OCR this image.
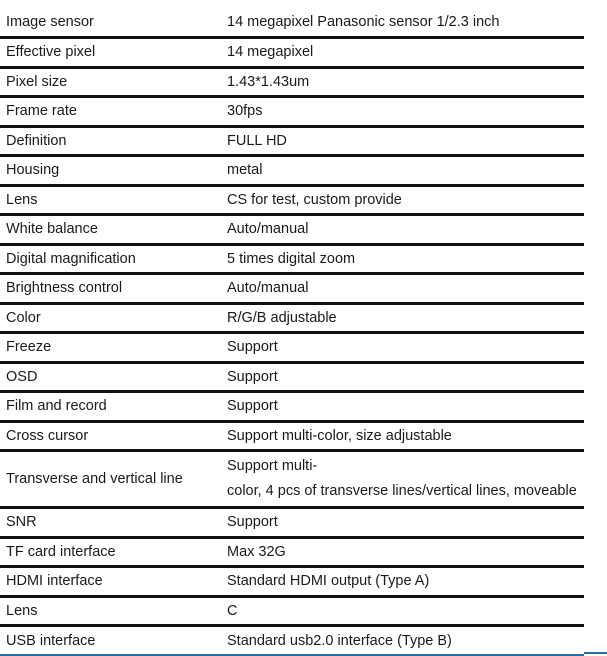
Image sensor	14 megapixel Panasonic sensor 1/2.3 inch
Effective pixel	14 megapixel
Pixel size	1.43*1.43um
Frame rate	30fps
Definition	FULL HD
Housing	metal
Lens	CS for test, custom provide
White balance	Auto/manual
Digital magnification	5 times digital zoom
Brightness control	Auto/manual
Color	R/G/B adjustable
Freeze	Support
OSD	Support
Film and record	Support
Cross cursor	Support multi-color, size adjustable
Transverse and vertical line	Support multi-
color, 4 pcs of transverse lines/vertical lines, moveable

SNR	Support
TF card interface	Max 32G
HDMI interface	Standard HDMI output (Type A)
Lens	C
USB interface	Standard usb2.0 interface (Type B)
